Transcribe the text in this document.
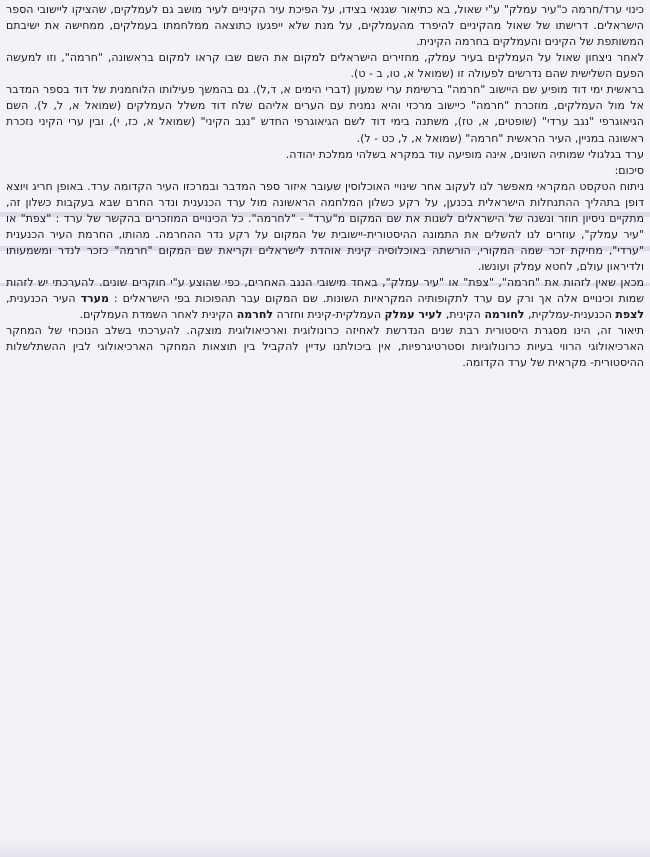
כינוי ערד/חרמה כ"עיר עמלק" ע"י שאול, בא כתיאור שגנאי בצידו, על הפיכת עיר הקיניים לעיר מושב גם לעמלקים, שהציקו ליישובי הספר הישראלים. דרישתו של שאול מהקיניים להיפרד מהעמלקים, על מנת שלא ייפגעו כתוצאה ממלחמתו בעמלקים, ממחישה את ישיבתם המשותפת של הקינים והעמלקים בחרמה הקינית.

לאחר ניצחון שאול על העמלקים בעיר עמלק, מחזירים הישראלים למקום את השם שבו קראו למקום בראשונה, "חרמה", וזו למעשה הפעם השלישית שהם נדרשים לפעולה זו (שמואל א, טו, ב - ט).

בראשית ימי דוד מופיע שם היישוב "חרמה" ברשימת ערי שמעון (דברי הימים א, ד,ל). גם בהמשך פעילותו הלוחמנית של דוד בספר המדבר אל מול העמלקים, מוזכרת "חרמה" כיישוב מרכזי והיא נמנית עם הערים אליהם שלח דוד משלל העמלקים (שמואל א, ל, ל). השם הגיאוגרפי "נגב ערדי" (שופטים, א, טז), משתנה בימי דוד לשם הגיאוגרפי החדש "נגב הקיני" (שמואל א, כז, י), ובין ערי הקיני נזכרת ראשונה במניין, העיר הראשית "חרמה" (שמואל א, ל, כט - ל).

ערד בגלגולי שמותיה השונים, אינה מופיעה עוד במקרא בשלהי ממלכת יהודה.

סיכום:

ניתוח הטקסט המקראי מאפשר לנו לעקוב אחר שינויי האוכלוסין שעובר איזור ספר המדבר ובמרכזו העיר הקדומה ערד. באופן חריג ויוצא דופן בתהליך ההתנחלות הישראלית בכנען, על רקע כשלון המלחמה הראשונה מול ערד הכנענית ונדר החרם שבא בעקבות כשלון זה, מתקיים ניסיון חוזר ונשנה של הישראלים לשנות את שם המקום מ"ערד" - "לחרמה". כל הכינויים המוזכרים בהקשר של ערד : "צפת" או "עיר עמלק", עוזרים לנו להשלים את התמונה ההיסטורית-יישובית של המקום על רקע נדר ההחרמה. מהותו, החרמת העיר הכנענית "ערדי", מחיקת זכר שמה המקורי, הורשתה באוכלוסיה קינית אוהדת לישראלים וקריאת שם המקום "חרמה" כזכר לנדר ומשמעותו ולדיראון עולם, לחטא עמלק ועונשו.

מכאן שאין לזהות את "חרמה", "צפת" או "עיר עמלק", באחד מישובי הנגב האחרים, כפי שהוצע ע"י חוקרים שונים. להערכתי יש לזהות שמות וכינויים אלה אך ורק עם ערד לתקופותיה המקראיות השונות. שם המקום עבר תהפוכות בפי הישראלים : מערד העיר הכנענית, לצפת הכנענית-עמלקית, לחורמה הקינית, לעיר עמלק העמלקית-קינית וחזרה לחרמה הקינית לאחר השמדת העמלקים.

תיאור זה, הינו מסגרת היסטורית רבת שנים הנדרשת לאחיזה כרונולוגית וארכיאולוגית מוצקה. להערכתי בשלב הנוכחי של המחקר הארכיאולוגי הרווי בעיות כרונולוגיות וסטרטיגרפיות, אין ביכולתנו עדיין להקביל בין תוצאות המחקר הארכיאולוגי לבין ההשתלשלות ההיסטורית- מקראית של ערד הקדומה.
